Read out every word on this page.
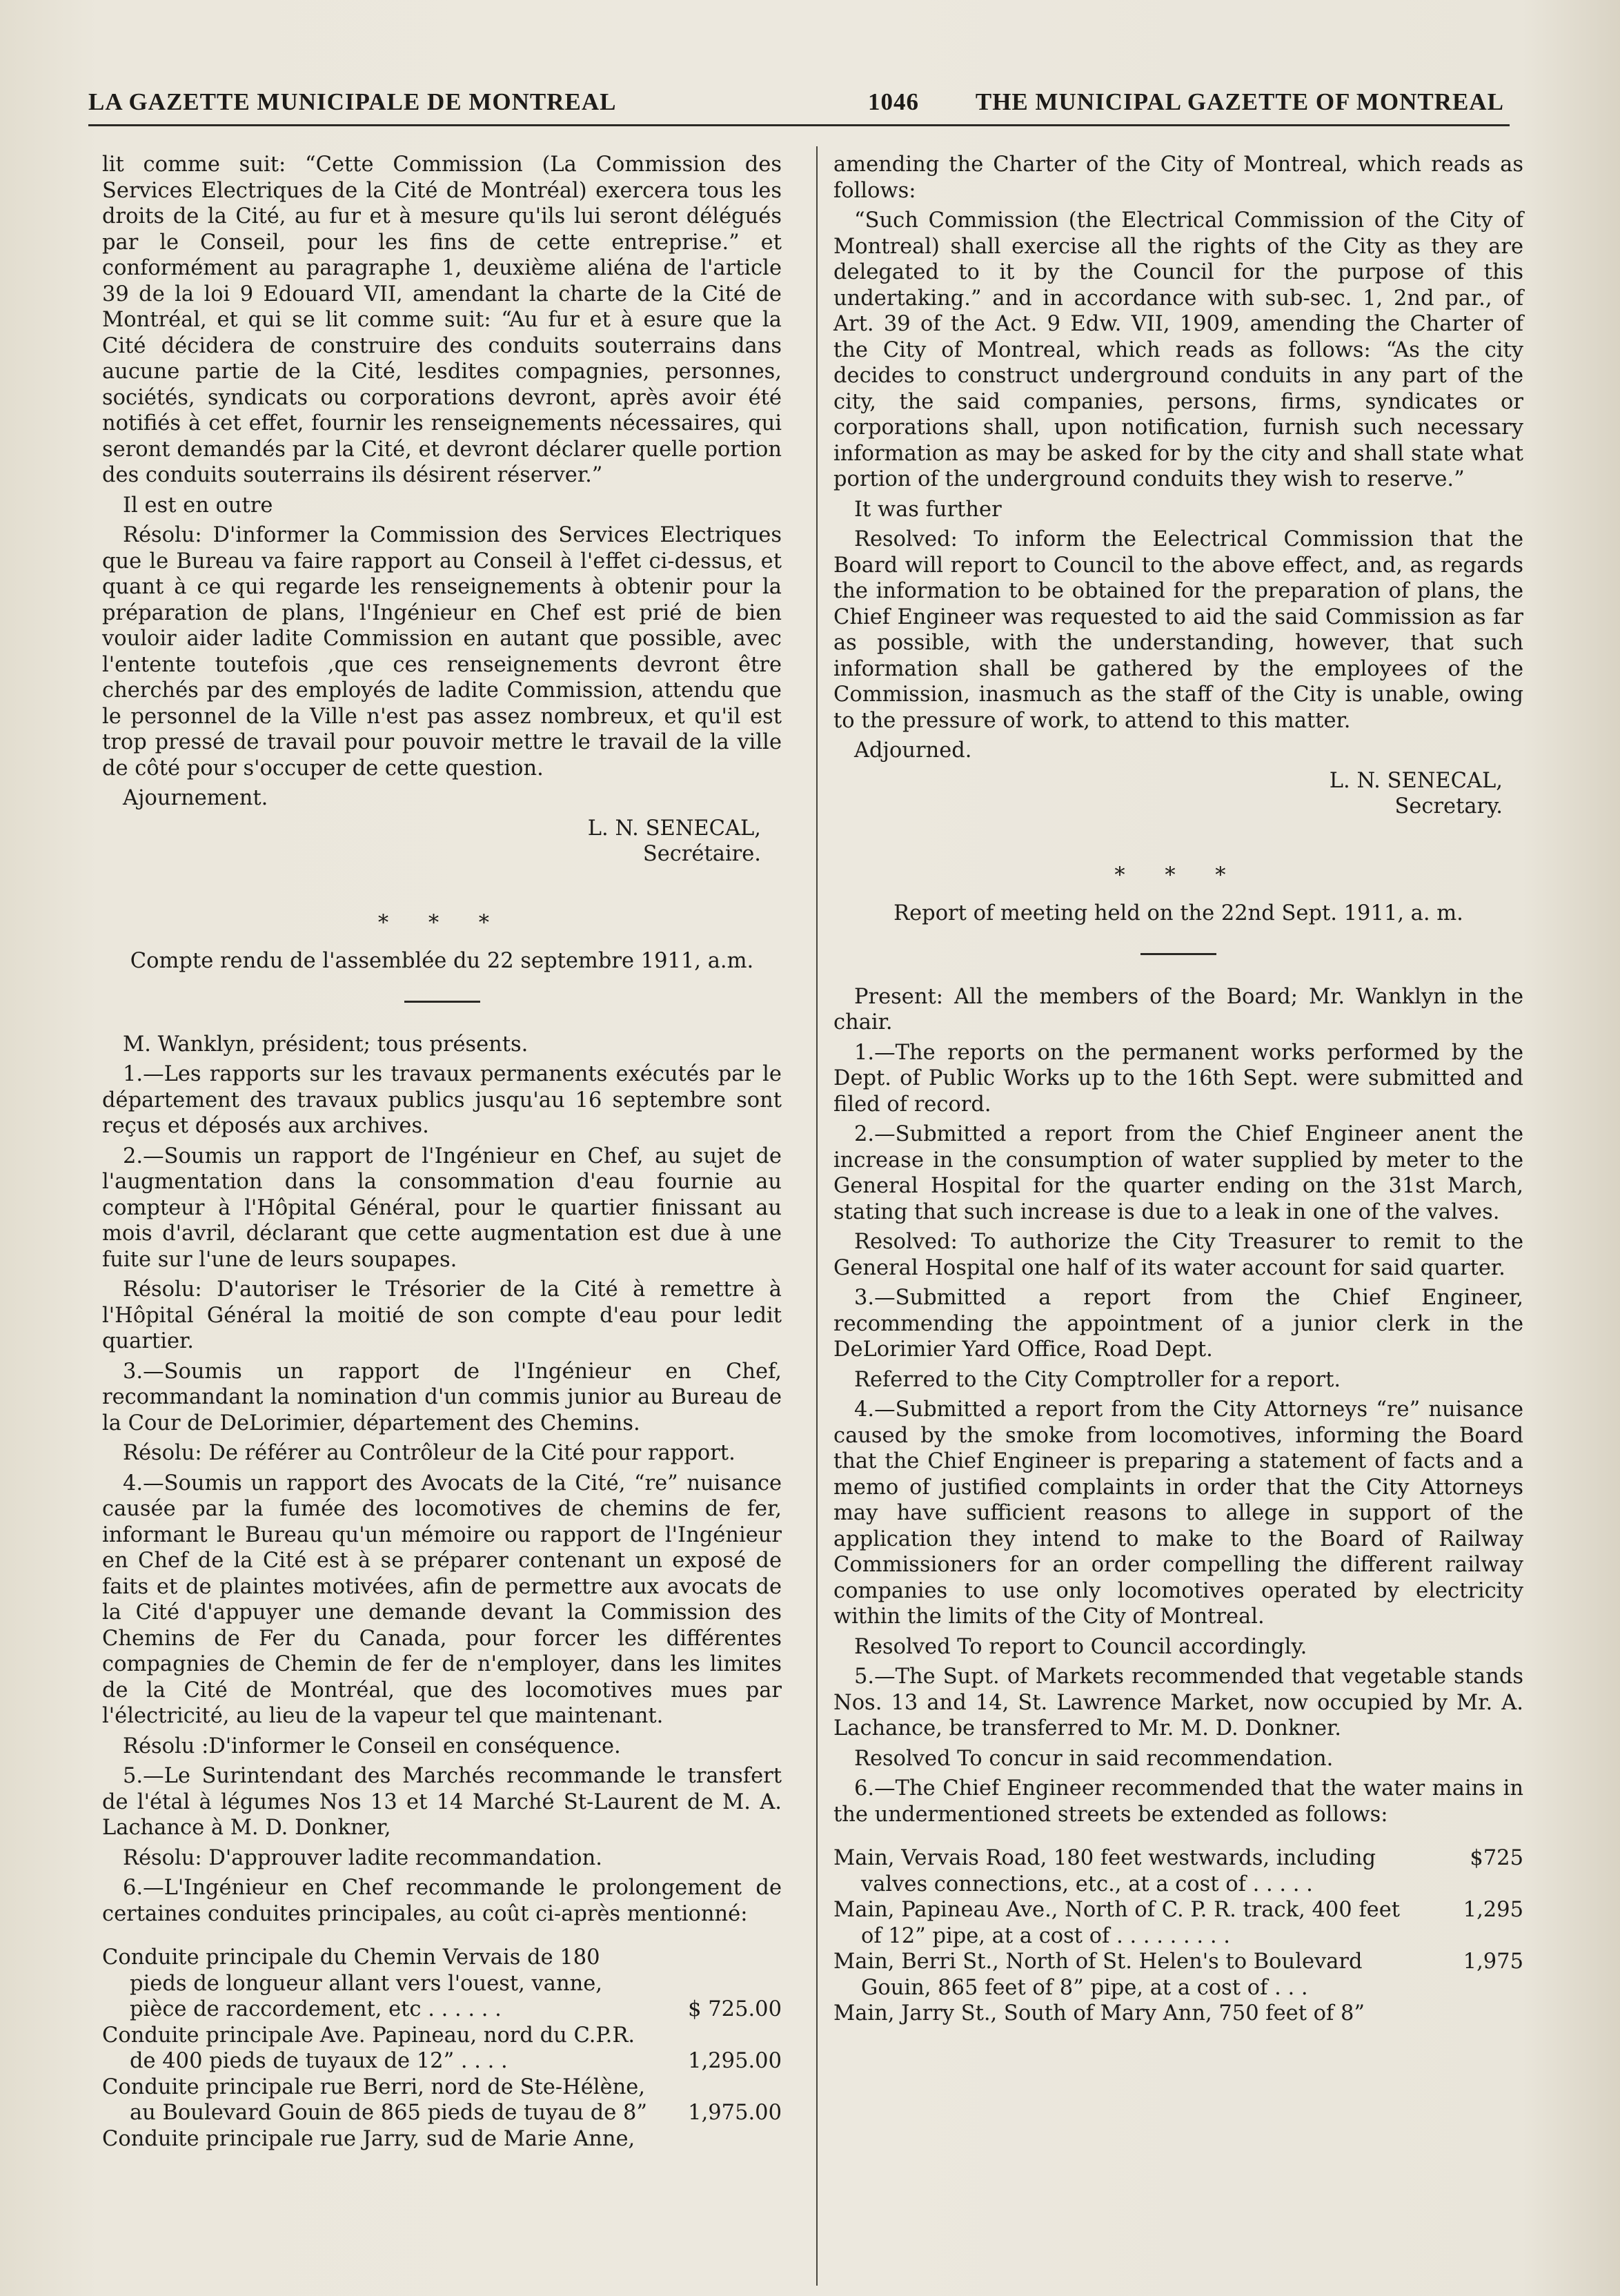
LA GAZETTE MUNICIPALE DE MONTREAL	1046 THE MUNICIPAL GAZETTE OF MONTREAL

lit comme suit: “Cette Commission (La Commission des Services Electriques de la Cité de Montréal) exercera tous les droits de la Cité, au fur et à mesure qu'ils lui seront délégués par le Conseil, pour les fins de cette entreprise.” et conformément au paragraphe 1, deuxième aliéna de l'article 39 de la loi 9 Edouard VII, amendant la charte de la Cité de Montréal, et qui se lit comme suit: “Au fur et à esure que la Cité décidera de construire des conduits souterrains dans aucune partie de la Cité, lesdites compagnies, personnes, sociétés, syndicats ou corporations devront, après avoir été notifiés à cet effet, fournir les renseignements nécessaires, qui seront demandés par la Cité, et devront déclarer quelle portion des conduits souterrains ils désirent réserver.”

Il est en outre

Résolu: D'informer la Commission des Services Electriques que le Bureau va faire rapport au Conseil à l'effet ci-dessus, et quant à ce qui regarde les renseignements à obtenir pour la préparation de plans, l'Ingénieur en Chef est prié de bien vouloir aider ladite Commission en autant que possible, avec l'entente toutefois ,que ces renseignements devront être cherchés par des employés de ladite Commission, attendu que le personnel de la Ville n'est pas assez nombreux, et qu'il est trop pressé de travail pour pouvoir mettre le travail de la ville de côté pour s'occuper de cette question.

Ajournement.

L. N. SENECAL,

Secrétaire.

* * *

Compte rendu de l'assemblée du 22 septembre 1911, a.m.

M. Wanklyn, président; tous présents.

1.—Les rapports sur les travaux permanents exécutés par le département des travaux publics jusqu'au 16 septembre sont reçus et déposés aux archives.

2.—Soumis un rapport de l'Ingénieur en Chef, au sujet de l'augmentation dans la consommation d'eau fournie au compteur à l'Hôpital Général, pour le quartier finissant au mois d'avril, déclarant que cette augmentation est due à une fuite sur l'une de leurs soupapes.

Résolu: D'autoriser le Trésorier de la Cité à remettre à l'Hôpital Général la moitié de son compte d'eau pour ledit quartier.

3.—Soumis un rapport de l'Ingénieur en Chef, recommandant la nomination d'un commis junior au Bureau de la Cour de DeLorimier, département des Chemins.

Résolu: De référer au Contrôleur de la Cité pour rapport.

4.—Soumis un rapport des Avocats de la Cité, “re” nuisance causée par la fumée des locomotives de chemins de fer, informant le Bureau qu'un mémoire ou rapport de l'Ingénieur en Chef de la Cité est à se préparer contenant un exposé de faits et de plaintes motivées, afin de permettre aux avocats de la Cité d'appuyer une demande devant la Commission des Chemins de Fer du Canada, pour forcer les différentes compagnies de Chemin de fer de n'employer, dans les limites de la Cité de Montréal, que des locomotives mues par l'électricité, au lieu de la vapeur tel que maintenant.

Résolu :D'informer le Conseil en conséquence.

5.—Le Surintendant des Marchés recommande le transfert de l'étal à légumes Nos 13 et 14 Marché St-Laurent de M. A. Lachance à M. D. Donkner,

Résolu: D'approuver ladite recommandation.

6.—L'Ingénieur en Chef recommande le prolongement de certaines conduites principales, au coût ci-après mentionné:

Conduite principale du Chemin Vervais de 180
pieds de longueur allant vers l'ouest, vanne,
pièce de raccordement, etc . . . . . .	$ 725.00
Conduite principale Ave. Papineau, nord du C.P.R.
de 400 pieds de tuyaux de 12” . . . .	1,295.00
Conduite principale rue Berri, nord de Ste-Hélène,
au Boulevard Gouin de 865 pieds de tuyau de 8” 1,975.00
Conduite principale rue Jarry, sud de Marie Anne,

amending the Charter of the City of Montreal, which reads as follows:

“Such Commission (the Electrical Commission of the City of Montreal) shall exercise all the rights of the City as they are delegated to it by the Council for the purpose of this undertaking.” and in accordance with sub-sec. 1, 2nd par., of Art. 39 of the Act. 9 Edw. VII, 1909, amending the Charter of the City of Montreal, which reads as follows: “As the city decides to construct underground conduits in any part of the city, the said companies, persons, firms, syndicates or corporations shall, upon notification, furnish such necessary information as may be asked for by the city and shall state what portion of the underground conduits they wish to reserve.”

It was further

Resolved: To inform the Eelectrical Commission that the Board will report to Council to the above effect, and, as regards the information to be obtained for the preparation of plans, the Chief Engineer was requested to aid the said Commission as far as possible, with the understanding, however, that such information shall be gathered by the employees of the Commission, inasmuch as the staff of the City is unable, owing to the pressure of work, to attend to this matter.

Adjourned.

L. N. SENECAL,

Secretary.

* * *

Report of meeting held on the 22nd Sept. 1911, a. m.

Present: All the members of the Board; Mr. Wanklyn in the chair.

1.—The reports on the permanent works performed by the Dept. of Public Works up to the 16th Sept. were submitted and filed of record.

2.—Submitted a report from the Chief Engineer anent the increase in the consumption of water supplied by meter to the General Hospital for the quarter ending on the 31st March, stating that such increase is due to a leak in one of the valves.

Resolved: To authorize the City Treasurer to remit to the General Hospital one half of its water account for said quarter.

3.—Submitted a report from the Chief Engineer, recommending the appointment of a junior clerk in the DeLorimier Yard Office, Road Dept.

Referred to the City Comptroller for a report.

4.—Submitted a report from the City Attorneys “re” nuisance caused by the smoke from locomotives, informing the Board that the Chief Engineer is preparing a statement of facts and a memo of justified complaints in order that the City Attorneys may have sufficient reasons to allege in support of the application they intend to make to the Board of Railway Commissioners for an order compelling the different railway companies to use only locomotives operated by electricity within the limits of the City of Montreal.

Resolved To report to Council accordingly.

5.—The Supt. of Markets recommended that vegetable stands Nos. 13 and 14, St. Lawrence Market, now occupied by Mr. A. Lachance, be transferred to Mr. M. D. Donkner.

Resolved To concur in said recommendation.

6.—The Chief Engineer recommended that the water mains in the undermentioned streets be extended as follows:

Main, Vervais Road, 180 feet westwards, including	$725
valves connections, etc., at a cost of . . . . .
Main, Papineau Ave., North of C. P. R. track, 400 feet	1,295
of 12” pipe, at a cost of . . . . . . . . .
Main, Berri St., North of St. Helen's to Boulevard	1,975
Gouin, 865 feet of 8” pipe, at a cost of . . .
Main, Jarry St., South of Mary Ann, 750 feet of 8”
